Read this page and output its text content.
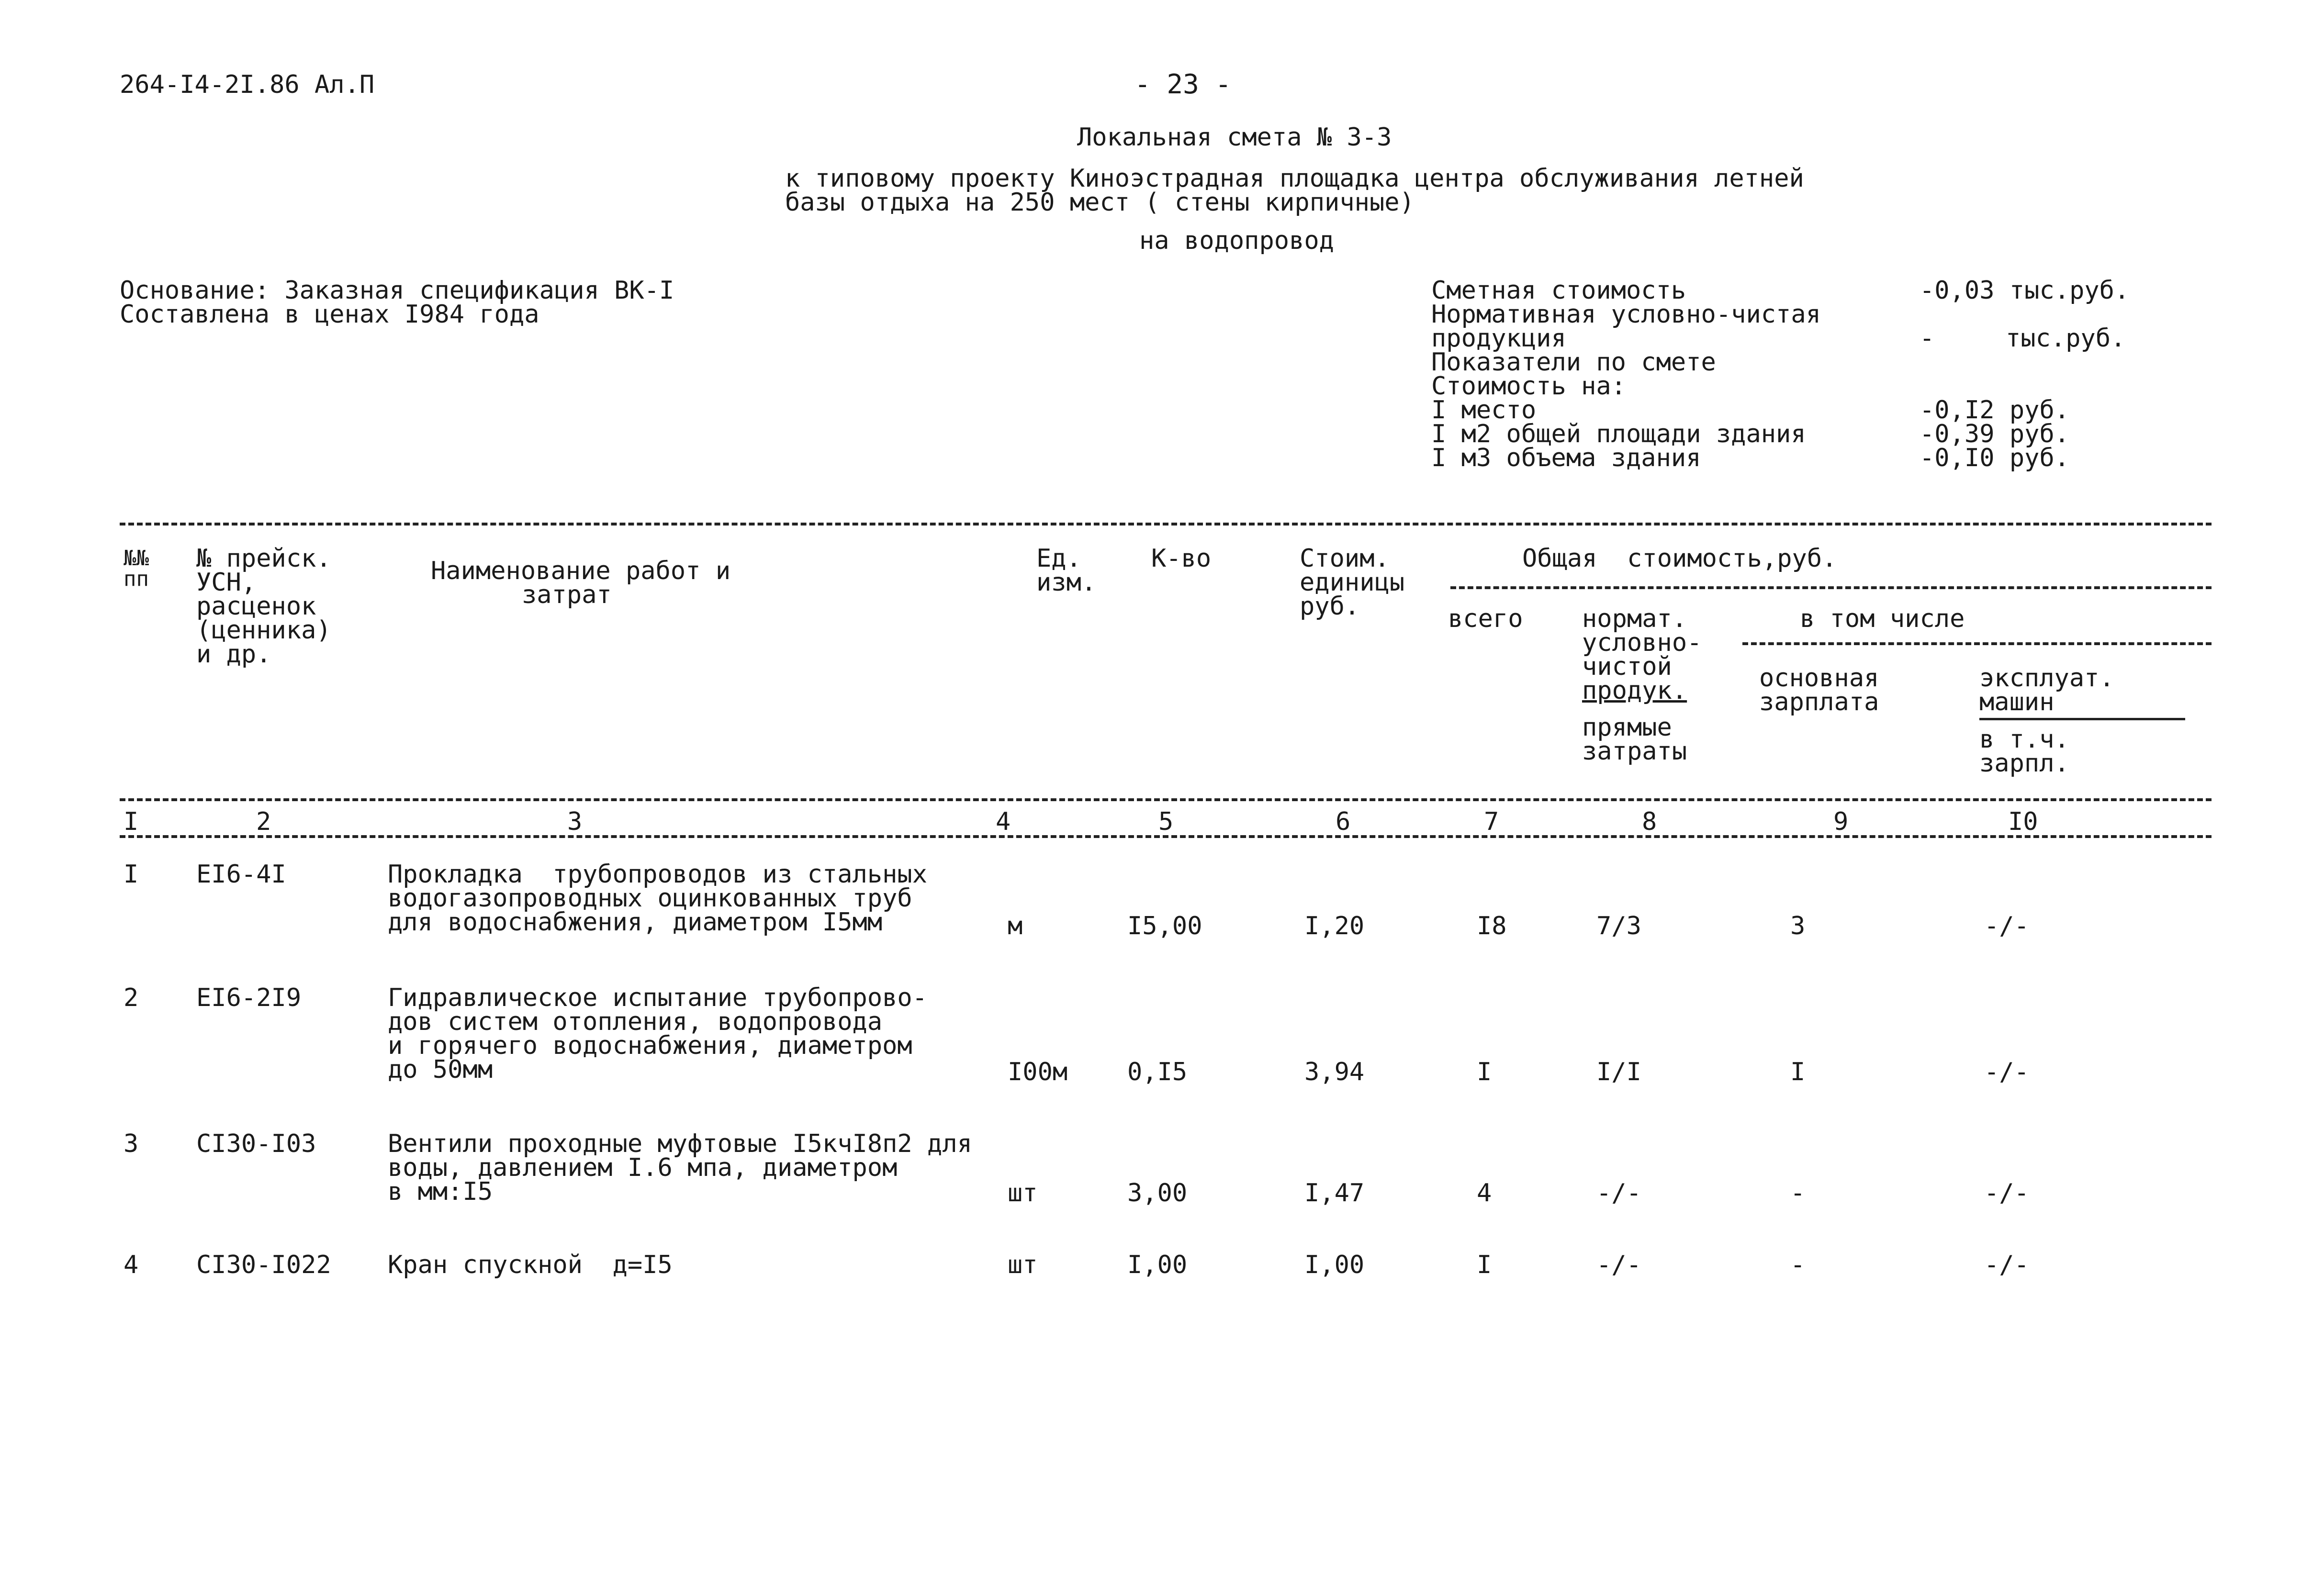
264-I4-2I.86 Ал.П	- 23 -
Локальная смета № 3-3
к типовому проекту Киноэстрадная площадка центра обслуживания летней
базы отдыха на 250 мест ( стены кирпичные)
на водопровод
Основание: Заказная спецификация ВК-I
Составлена в ценах I984 года
Сметная стоимость	-0,03 тыс.руб.
Нормативная условно-чистая
продукция	-	тыс.руб.
Показатели по смете
Стоимость на:
I место	-0,I2 руб.
I м2 общей площади здания	-0,39 руб.
I м3 объема здания	-0,I0 руб.
№№
пп
№ прейск.
УСН,
расценок
(ценника)
и др.
Наименование работ и
затрат
Ед.
изм.
К-во	Стоим.
единицы
руб.
Общая  стоимость,руб.
всего нормат.
условно-
чистой
продук.
прямые
затраты
в том числе
основная
зарплата
эксплуат.
машин
в т.ч.
зарпл.
I	2	3	4	5	6	7	8	9	I0
I EI6-4I	Прокладка  трубопроводов из стальных
водогазопроводных оцинкованных труб
для водоснабжения, диаметром I5мм	м	I5,00	I,20	I8	7/3	3	-/-
2 EI6-2I9	Гидравлическое испытание трубопрово-
дов систем отопления, водопровода
и горячего водоснабжения, диаметром
до 50мм	I00м 0,I5	3,94	I	I/I	I	-/-
3 CI30-I03	Вентили проходные муфтовые I5кчI8п2 для
воды, давлением I.6 мпа, диаметром
в мм:I5	шт	3,00	I,47	4	-/-	-	-/-
4 CI30-I022 Кран спускной  д=I5	шт	I,00	I,00	I	-/-	-	-/-
